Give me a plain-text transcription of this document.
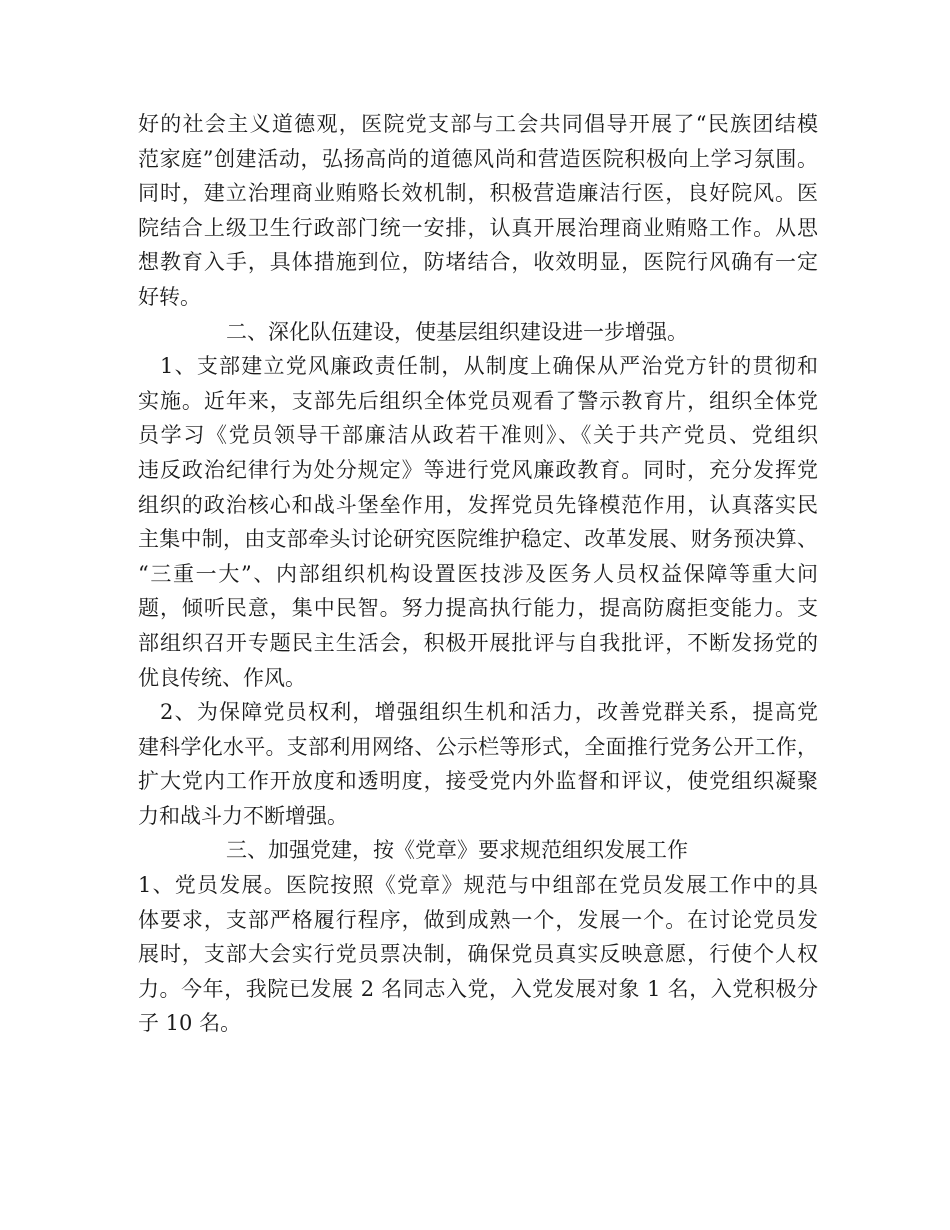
好的社会主义道德观，医院党支部与工会共同倡导开展了“民族团结模
范家庭”创建活动，弘扬高尚的道德风尚和营造医院积极向上学习氛围。
同时，建立治理商业贿赂长效机制，积极营造廉洁行医，良好院风。医
院结合上级卫生行政部门统一安排，认真开展治理商业贿赂工作。从思
想教育入手，具体措施到位，防堵结合，收效明显，医院行风确有一定
好转。
二、深化队伍建设，使基层组织建设进一步增强。
1、支部建立党风廉政责任制，从制度上确保从严治党方针的贯彻和
实施。近年来，支部先后组织全体党员观看了警示教育片，组织全体党
员学习《党员领导干部廉洁从政若干准则》、《关于共产党员、党组织
违反政治纪律行为处分规定》等进行党风廉政教育。同时，充分发挥党
组织的政治核心和战斗堡垒作用，发挥党员先锋模范作用，认真落实民
主集中制，由支部牵头讨论研究医院维护稳定、改革发展、财务预决算、
“三重一大”、内部组织机构设置医技涉及医务人员权益保障等重大问
题，倾听民意，集中民智。努力提高执行能力，提高防腐拒变能力。支
部组织召开专题民主生活会，积极开展批评与自我批评，不断发扬党的
优良传统、作风。
2、为保障党员权利，增强组织生机和活力，改善党群关系，提高党
建科学化水平。支部利用网络、公示栏等形式，全面推行党务公开工作，
扩大党内工作开放度和透明度，接受党内外监督和评议，使党组织凝聚
力和战斗力不断增强。
三、加强党建，按《党章》要求规范组织发展工作
1、党员发展。医院按照《党章》规范与中组部在党员发展工作中的具
体要求，支部严格履行程序，做到成熟一个，发展一个。在讨论党员发
展时，支部大会实行党员票决制，确保党员真实反映意愿，行使个人权
力。今年，我院已发展 2 名同志入党，入党发展对象 1 名，入党积极分
子 10 名。
